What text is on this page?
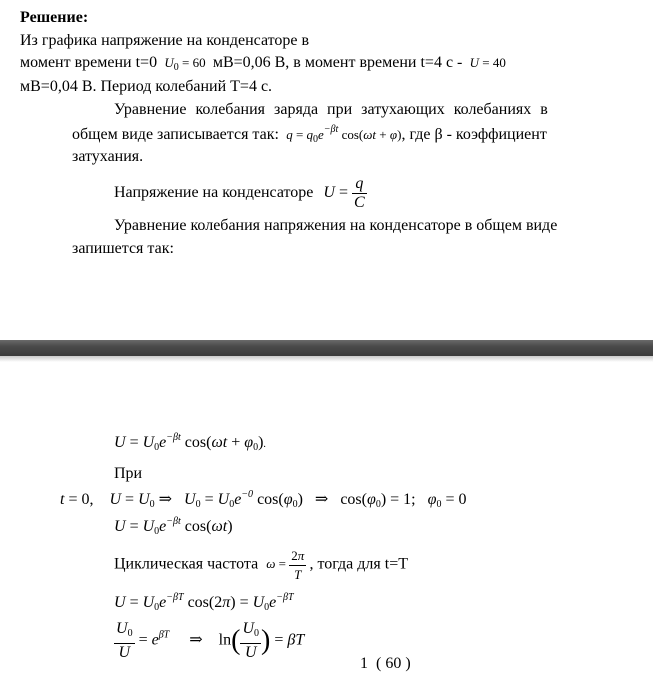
Решение:
Из графика напряжение на конденсаторе в
момент времени t=0 $U_0 = 60$ мВ=0,06 В, в момент времени t=4 с - U = 40
мВ=0,04 В. Период колебаний Т=4 с.
Уравнение колебания заряда при затухающих колебаниях в
общем виде записывается так: $q = q_0e^{-\beta t}$ cos(ωt + φ), где β - коэффициент
затухания.
Напряжение на конденсаторе $U = \frac{q}{C}$
Уравнение колебания напряжения на конденсаторе в общем виде
запишется так:
$U = U_0e^{-\beta t}$ $\cos(\omega t + \varphi_0)$.
При
t = 0,    $U = U_0$ ⇒   $U_0 = U_0e^{-0}$ $\cos(\varphi_0)$   ⇒   $\cos(\varphi_0) = 1$;   $\varphi_0 = 0$
$U = U_0e^{-\beta t}$ cos(ωt)
Циклическая частота $\omega = \frac{2\pi}{T}$ , тогда для t=T
$U = U_0e^{-\beta T}$ $\cos(2\pi) = U_0e^{-\beta T}$
$\frac{U_0}{U} = e^{\beta T}$     ⇒    $\ln( \frac{U_0}{U}$ ) = βT
1  ( 60 )
